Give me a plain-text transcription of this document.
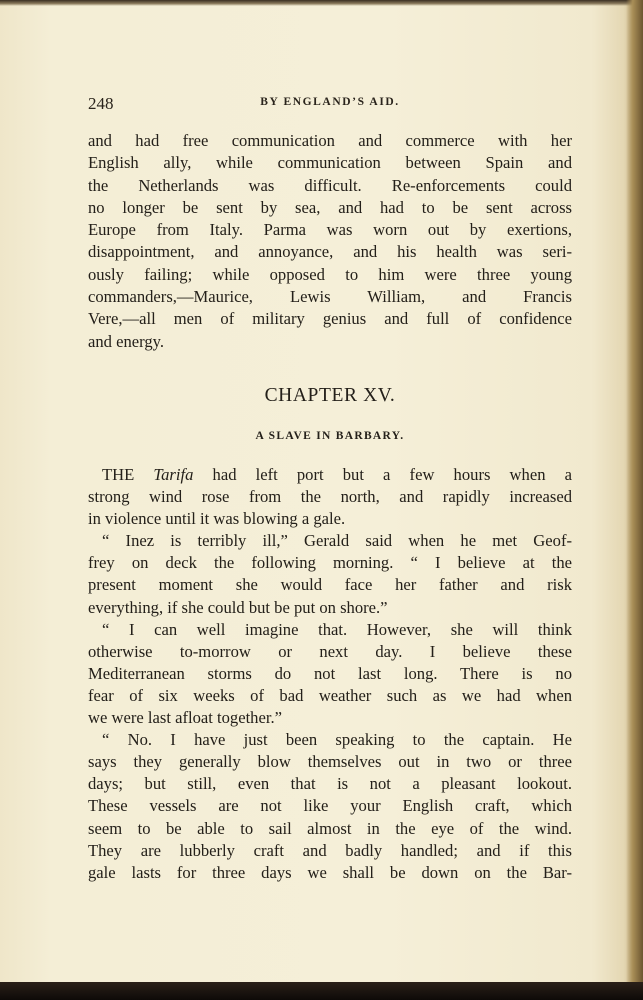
248	BY ENGLAND’S AID.
and had free communication and commerce with her
English ally, while communication between Spain and
the Netherlands was difficult. Re-enforcements could
no longer be sent by sea, and had to be sent across
Europe from Italy. Parma was worn out by exertions,
disappointment, and annoyance, and his health was seri-
ously failing; while opposed to him were three young
commanders,—Maurice, Lewis William, and Francis
Vere,—all men of military genius and full of confidence
and energy.
CHAPTER XV.
A SLAVE IN BARBARY.
THE Tarifa had left port but a few hours when a
strong wind rose from the north, and rapidly increased
in violence until it was blowing a gale.
“ Inez is terribly ill,” Gerald said when he met Geof-
frey on deck the following morning. “ I believe at the
present moment she would face her father and risk
everything, if she could but be put on shore.”
“ I can well imagine that. However, she will think
otherwise to-morrow or next day. I believe these
Mediterranean storms do not last long. There is no
fear of six weeks of bad weather such as we had when
we were last afloat together.”
“ No. I have just been speaking to the captain. He
says they generally blow themselves out in two or three
days; but still, even that is not a pleasant lookout.
These vessels are not like your English craft, which
seem to be able to sail almost in the eye of the wind.
They are lubberly craft and badly handled; and if this
gale lasts for three days we shall be down on the Bar-
